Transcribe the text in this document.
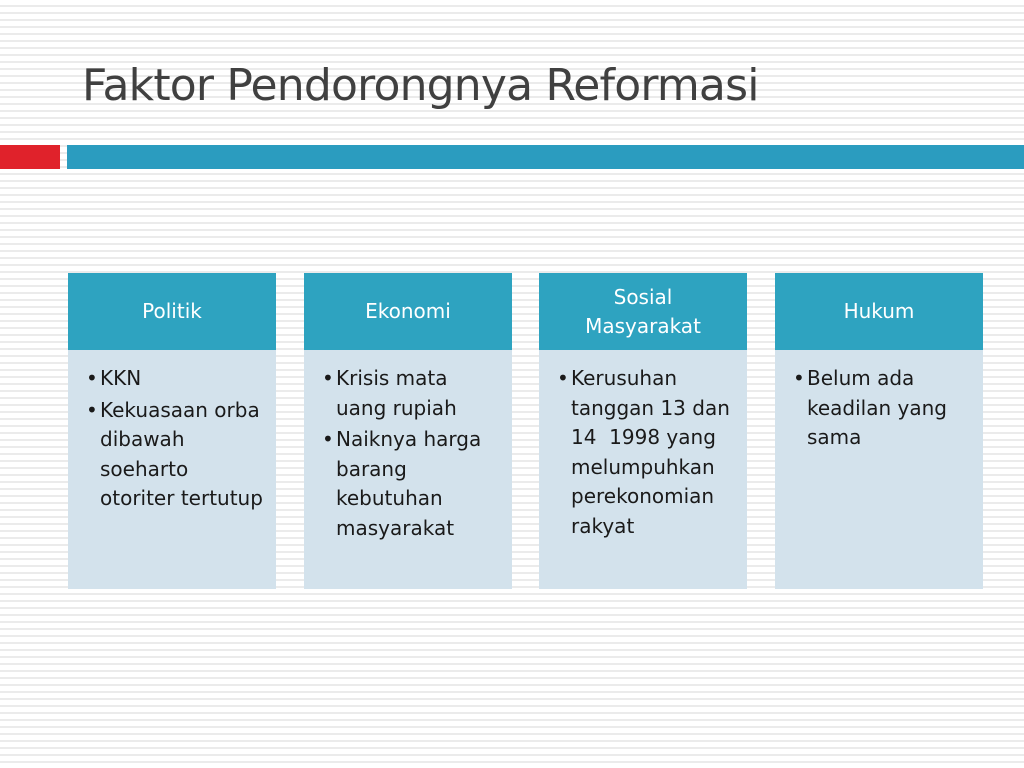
Faktor Pendorongnya Reformasi
Politik
• KKN
• Kekuasaan orba dibawah soeharto otoriter tertutup
Ekonomi
• Krisis mata uang rupiah
• Naiknya harga barang kebutuhan masyarakat
Sosial Masyarakat
• Kerusuhan tanggan 13 dan 14  1998 yang melumpuhkan perekonomian rakyat
Hukum
• Belum ada keadilan yang sama
